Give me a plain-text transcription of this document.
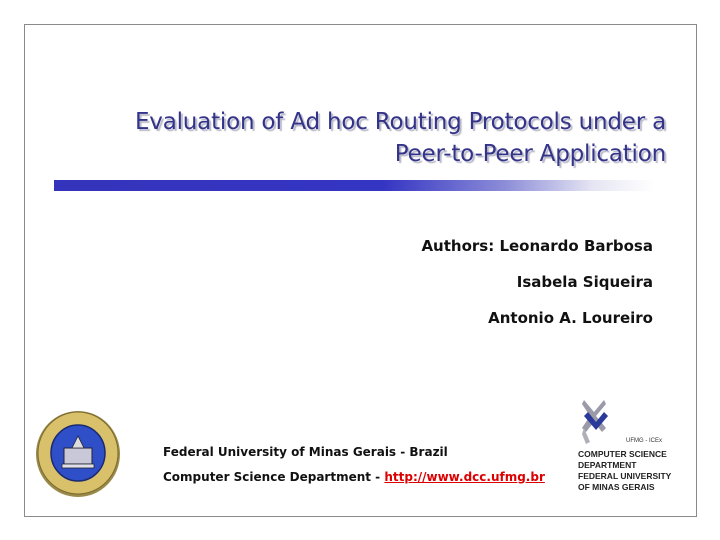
Evaluation of Ad hoc Routing Protocols under a
Peer-to-Peer Application
Authors: Leonardo Barbosa
Isabela Siqueira
Antonio A. Loureiro
Federal University of Minas Gerais - Brazil
Computer Science Department - http://www.dcc.ufmg.br
UFMG - ICEx
COMPUTER SCIENCE
DEPARTMENT
FEDERAL UNIVERSITY
OF MINAS GERAIS
